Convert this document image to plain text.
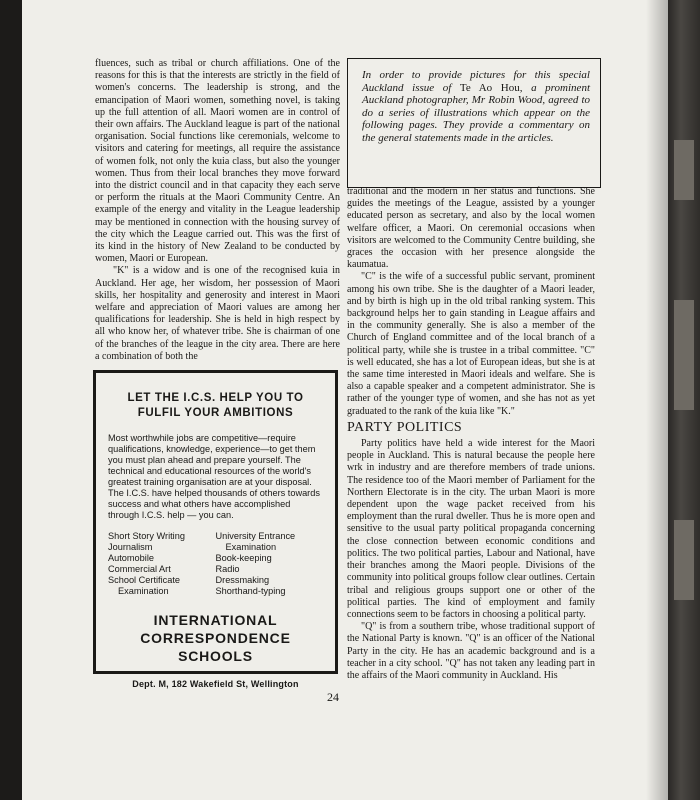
fluences, such as tribal or church affiliations. One of the reasons for this is that the interests are strictly in the field of women's concerns. The leadership is strong, and the emancipation of Maori women, something novel, is taking up the full attention of all. Maori women are in control of their own affairs. The Auckland league is part of the national organisation. Social functions like ceremonials, welcome to visitors and catering for meetings, all require the assistance of women folk, not only the kuia class, but also the younger women. Thus from their local branches they move forward into the district council and in that capacity they each serve or perform the rituals at the Maori Community Centre. An example of the energy and vitality in the League leadership may be mentioned in connection with the housing survey of the city which the League carried out. This was the first of its kind in the history of New Zealand to be conducted by women, Maori or European.

"K" is a widow and is one of the recognised kuia in Auckland. Her age, her wisdom, her possession of Maori skills, her hospitality and generosity and interest in Maori welfare and appreciation of Maori values are among her qualifications for leadership. She is held in high respect by all who know her, of whatever tribe. She is chairman of one of the branches of the league in the city area. There are here a combination of both the

In order to provide pictures for this special Auckland issue of Te Ao Hou, a prominent Auckland photographer, Mr Robin Wood, agreed to do a series of illustrations which appear on the following pages. They provide a commentary on the general statements made in the articles.

traditional and the modern in her status and functions. She guides the meetings of the League, assisted by a younger educated person as secretary, and also by the local women welfare officer, a Maori. On ceremonial occasions when visitors are welcomed to the Community Centre building, she graces the occasion with her presence alongside the kaumatua.

"C" is the wife of a successful public servant, prominent among his own tribe. She is the daughter of a Maori leader, and by birth is high up in the old tribal ranking system. This background helps her to gain standing in League affairs and in the community generally. She is also a member of the Church of England committee and of the local branch of a political party, while she is trustee in a tribal committee. "C" is well educated, she has a lot of European ideas, but she is at the same time interested in Maori ideals and welfare. She is also a capable speaker and a competent administrator. She is rather of the younger type of women, and she has not as yet graduated to the rank of the kuia like "K."

PARTY POLITICS

Party politics have held a wide interest for the Maori people in Auckland. This is natural because the people here wrk in industry and are therefore members of trade unions. The residence too of the Maori member of Parliament for the Northern Electorate is in the city. The urban Maori is more dependent upon the wage packet received from his employment than the rural dweller. Thus he is more open and sensitive to the usual party political propaganda concerning the close connection between economic conditions and politics. The two political parties, Labour and National, have their branches among the Maori people. Divisions of the community into political groups follow clear outlines. Certain tribal and religious groups support one or other of the political parties. The kind of employment and family connections seem to be factors in choosing a political party.

"Q" is from a southern tribe, whose traditional support of the National Party is known. "Q" is an officer of the National Party in the city. He has an academic background and is a teacher in a city school. "Q" has not taken any leading part in the affairs of the Maori community in Auckland. His

LET THE I.C.S. HELP YOU TO
FULFIL YOUR AMBITIONS
Most worthwhile jobs are competitive—require qualifications, knowledge, experience—to get them you must plan ahead and prepare yourself. The technical and educational resources of the world's greatest training organisation are at your disposal. The I.C.S. have helped thousands of others towards success and what others have accomplished through I.C.S. help — you can.
Short Story Writing
Journalism
Automobile
Commercial Art
School Certificate
Examination
University Entrance
Examination
Book-keeping
Radio
Dressmaking
Shorthand-typing
INTERNATIONAL
CORRESPONDENCE
SCHOOLS
Dept. M, 182 Wakefield St, Wellington
24
